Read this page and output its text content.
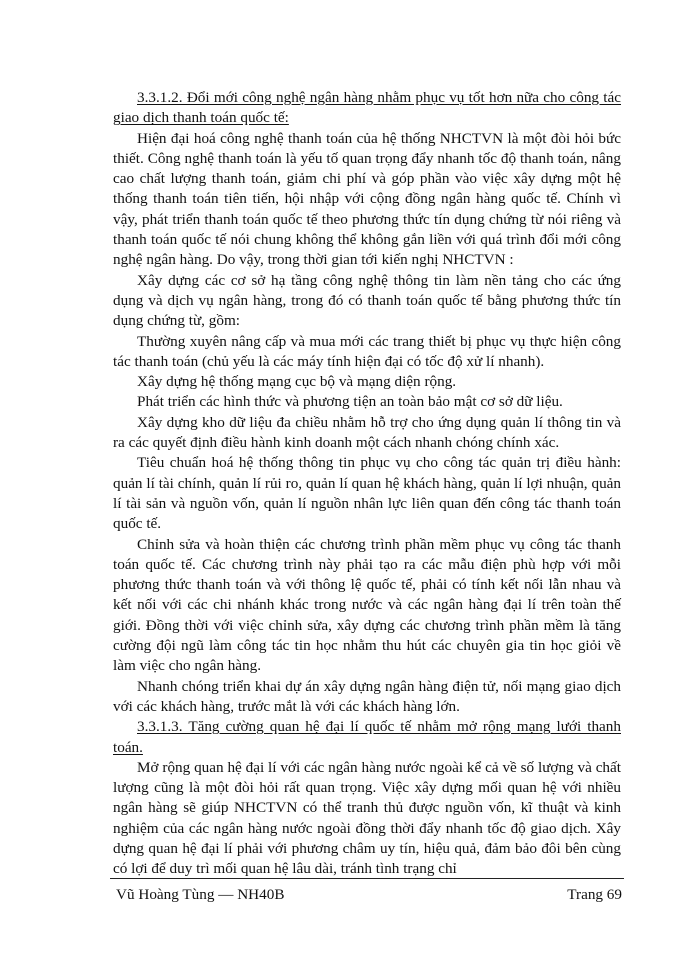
3.3.1.2. Đổi mới công nghệ ngân hàng nhằm phục vụ tốt hơn nữa cho công tác giao dịch thanh toán quốc tế:

Hiện đại hoá công nghệ thanh toán của hệ thống NHCTVN là một đòi hỏi bức thiết. Công nghệ thanh toán là yếu tố quan trọng đẩy nhanh tốc độ thanh toán, nâng cao chất lượng thanh toán, giảm chi phí và góp phần vào việc xây dựng một hệ thống thanh toán tiên tiến, hội nhập với cộng đồng ngân hàng quốc tế. Chính vì vậy, phát triển thanh toán quốc tế theo phương thức tín dụng chứng từ nói riêng và thanh toán quốc tế nói chung không thể không gắn liền với quá trình đổi mới công nghệ ngân hàng. Do vậy, trong thời gian tới kiến nghị NHCTVN :

Xây dựng các cơ sở hạ tầng công nghệ thông tin làm nền tảng cho các ứng dụng và dịch vụ ngân hàng, trong đó có thanh toán quốc tế bằng phương thức tín dụng chứng từ, gồm:

Thường xuyên nâng cấp và mua mới các trang thiết bị phục vụ thực hiện công tác thanh toán (chủ yếu là các máy tính hiện đại có tốc độ xử lí nhanh).

Xây dựng hệ thống mạng cục bộ và mạng diện rộng.

Phát triển các hình thức và phương tiện an toàn bảo mật cơ sở dữ liệu.

Xây dựng kho dữ liệu đa chiều nhằm hỗ trợ cho ứng dụng quản lí thông tin và ra các quyết định điều hành kinh doanh một cách nhanh chóng chính xác.

Tiêu chuẩn hoá hệ thống thông tin phục vụ cho công tác quản trị điều hành: quản lí tài chính, quản lí rủi ro, quản lí quan hệ khách hàng, quản lí lợi nhuận, quản lí tài sản và nguồn vốn, quản lí nguồn nhân lực liên quan đến công tác thanh toán quốc tế.

Chỉnh sửa và hoàn thiện các chương trình phần mềm phục vụ công tác thanh toán quốc tế. Các chương trình này phải tạo ra các mẫu điện phù hợp với mỗi phương thức thanh toán và với thông lệ quốc tế, phải có tính kết nối lẫn nhau và kết nối với các chi nhánh khác trong nước và các ngân hàng đại lí trên toàn thế giới. Đồng thời với việc chỉnh sửa, xây dựng các chương trình phần mềm là tăng cường đội ngũ làm công tác tin học nhằm thu hút các chuyên gia tin học giỏi về làm việc cho ngân hàng.

Nhanh chóng triển khai dự án xây dựng ngân hàng điện tử, nối mạng giao dịch với các khách hàng, trước mắt là với các khách hàng lớn.

3.3.1.3. Tăng cường quan hệ đại lí quốc tế nhằm mở rộng mạng lưới thanh toán.

Mở rộng quan hệ đại lí với các ngân hàng nước ngoài kể cả về số lượng và chất lượng cũng là một đòi hỏi rất quan trọng. Việc xây dựng mối quan hệ với nhiều ngân hàng sẽ giúp NHCTVN có thể tranh thủ được nguồn vốn, kĩ thuật và kinh nghiệm của các ngân hàng nước ngoài đồng thời đẩy nhanh tốc độ giao dịch. Xây dựng quan hệ đại lí phải với phương châm uy tín, hiệu quả, đảm bảo đôi bên cùng có lợi để duy trì mối quan hệ lâu dài, tránh tình trạng chỉ

Vũ Hoàng Tùng — NH40B	Trang 69
